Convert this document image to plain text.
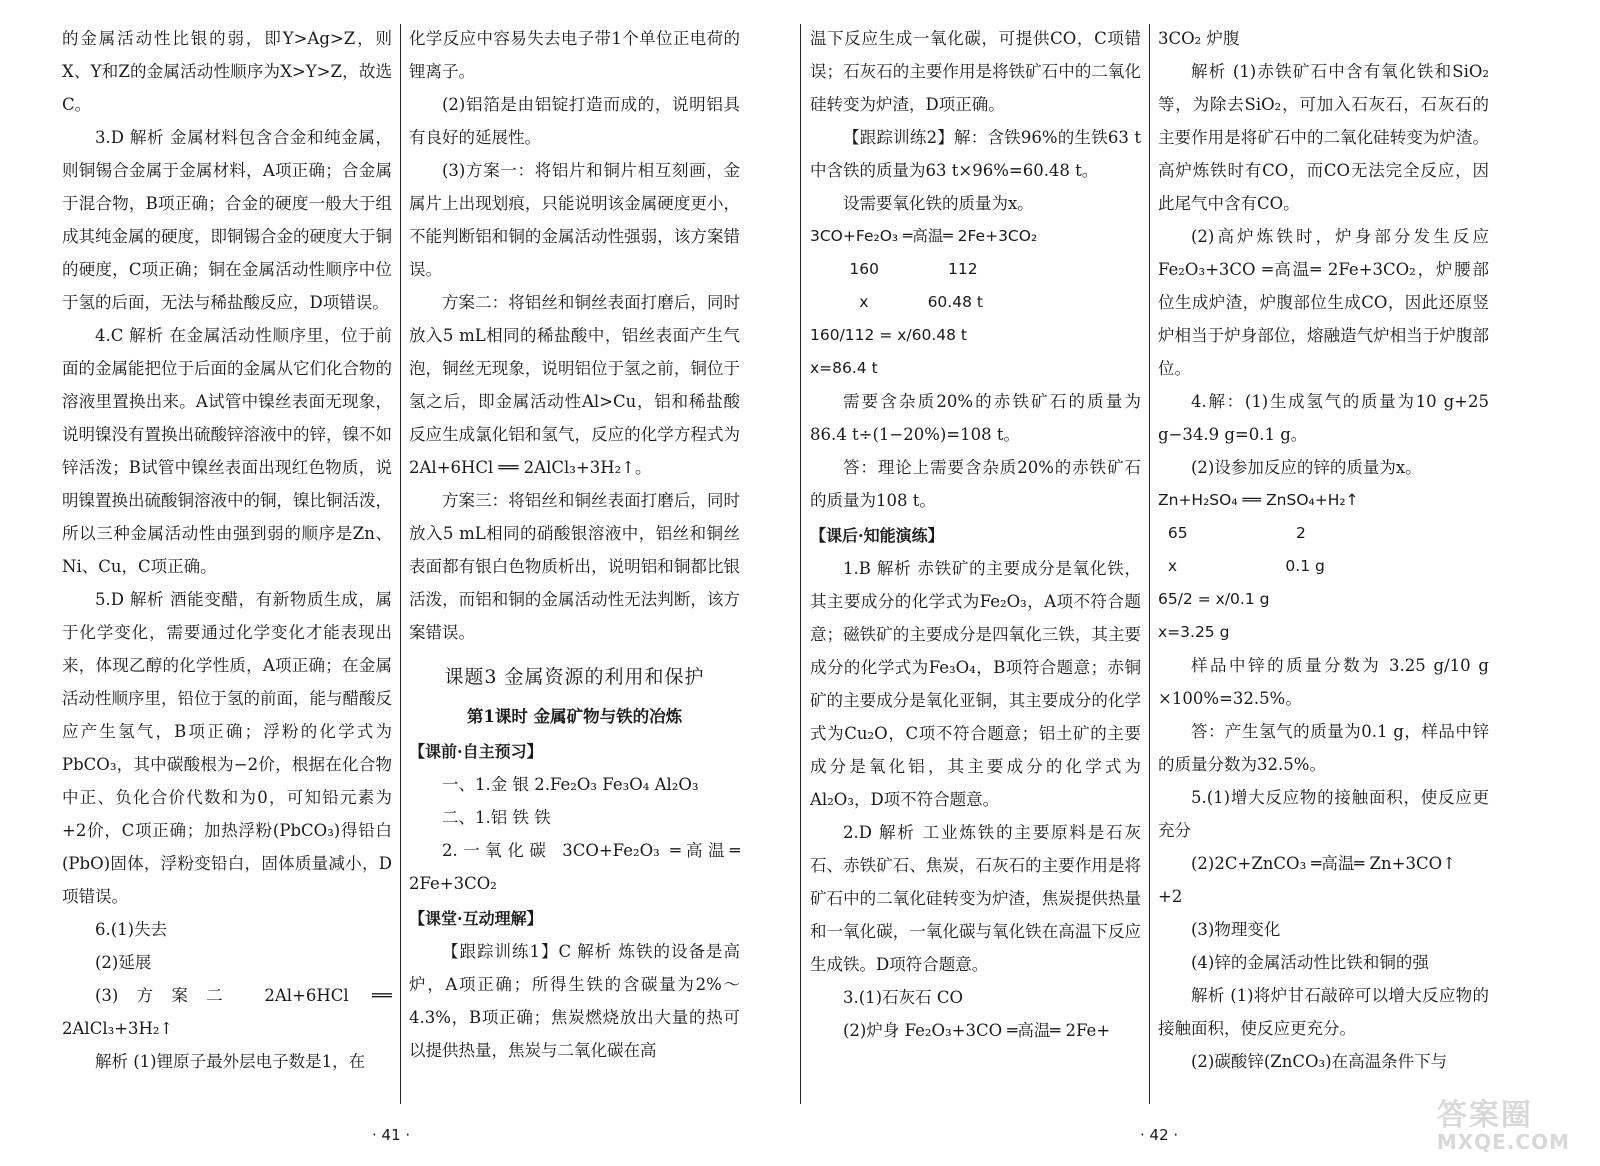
的金属活动性比银的弱，即Y>Ag>Z，则X、Y和Z的金属活动性顺序为X>Y>Z，故选C。

3.D 解析 金属材料包含合金和纯金属，则铜锡合金属于金属材料，A项正确；合金属于混合物，B项正确；合金的硬度一般大于组成其纯金属的硬度，即铜锡合金的硬度大于铜的硬度，C项正确；铜在金属活动性顺序中位于氢的后面，无法与稀盐酸反应，D项错误。

4.C 解析 在金属活动性顺序里，位于前面的金属能把位于后面的金属从它们化合物的溶液里置换出来。A试管中镍丝表面无现象，说明镍没有置换出硫酸锌溶液中的锌，镍不如锌活泼；B试管中镍丝表面出现红色物质，说明镍置换出硫酸铜溶液中的铜，镍比铜活泼，所以三种金属活动性由强到弱的顺序是Zn、Ni、Cu，C项正确。

5.D 解析 酒能变醋，有新物质生成，属于化学变化，需要通过化学变化才能表现出来，体现乙醇的化学性质，A项正确；在金属活动性顺序里，铅位于氢的前面，能与醋酸反应产生氢气，B项正确；浮粉的化学式为PbCO₃，其中碳酸根为−2价，根据在化合物中正、负化合价代数和为0，可知铅元素为+2价，C项正确；加热浮粉(PbCO₃)得铅白(PbO)固体，浮粉变铅白，固体质量减小，D项错误。

6.(1)失去

(2)延展

(3)方案二 2Al+6HCl ══ 2AlCl₃+3H₂↑

解析 (1)锂原子最外层电子数是1，在

化学反应中容易失去电子带1个单位正电荷的锂离子。

(2)铝箔是由铝锭打造而成的，说明铝具有良好的延展性。

(3)方案一：将铝片和铜片相互刻画，金属片上出现划痕，只能说明该金属硬度更小，不能判断铝和铜的金属活动性强弱，该方案错误。

方案二：将铝丝和铜丝表面打磨后，同时放入5 mL相同的稀盐酸中，铝丝表面产生气泡，铜丝无现象，说明铝位于氢之前，铜位于氢之后，即金属活动性Al>Cu，铝和稀盐酸反应生成氯化铝和氢气，反应的化学方程式为2Al+6HCl ══ 2AlCl₃+3H₂↑。

方案三：将铝丝和铜丝表面打磨后，同时放入5 mL相同的硝酸银溶液中，铝丝和铜丝表面都有银白色物质析出，说明铝和铜都比银活泼，而铝和铜的金属活动性无法判断，该方案错误。

课题3 金属资源的利用和保护

第1课时 金属矿物与铁的冶炼

【课前·自主预习】

一、1.金 银 2.Fe₂O₃ Fe₃O₄ Al₂O₃

二、1.铝 铁 铁

2.一氧化碳 3CO+Fe₂O₃ ═高温═ 2Fe+3CO₂

【课堂·互动理解】

【跟踪训练1】C 解析 炼铁的设备是高炉，A项正确；所得生铁的含碳量为2%～4.3%，B项正确；焦炭燃烧放出大量的热可以提供热量，焦炭与二氧化碳在高

温下反应生成一氧化碳，可提供CO，C项错误；石灰石的主要作用是将铁矿石中的二氧化硅转变为炉渣，D项正确。

【跟踪训练2】解：含铁96%的生铁63 t中含铁的质量为63 t×96%=60.48 t。

设需要氧化铁的质量为x。

3CO+Fe₂O₃ ═高温═ 2Fe+3CO₂

160              112

x            60.48 t

160/112 = x/60.48 t

x=86.4 t

需要含杂质20%的赤铁矿石的质量为86.4 t÷(1−20%)=108 t。

答：理论上需要含杂质20%的赤铁矿石的质量为108 t。

【课后·知能演练】

1.B 解析 赤铁矿的主要成分是氧化铁，其主要成分的化学式为Fe₂O₃，A项不符合题意；磁铁矿的主要成分是四氧化三铁，其主要成分的化学式为Fe₃O₄，B项符合题意；赤铜矿的主要成分是氧化亚铜，其主要成分的化学式为Cu₂O，C项不符合题意；铝土矿的主要成分是氧化铝，其主要成分的化学式为Al₂O₃，D项不符合题意。

2.D 解析 工业炼铁的主要原料是石灰石、赤铁矿石、焦炭，石灰石的主要作用是将矿石中的二氧化硅转变为炉渣，焦炭提供热量和一氧化碳，一氧化碳与氧化铁在高温下反应生成铁。D项符合题意。

3.(1)石灰石 CO

(2)炉身 Fe₂O₃+3CO ═高温═ 2Fe+

3CO₂ 炉腹

解析 (1)赤铁矿石中含有氧化铁和SiO₂等，为除去SiO₂，可加入石灰石，石灰石的主要作用是将矿石中的二氧化硅转变为炉渣。高炉炼铁时有CO，而CO无法完全反应，因此尾气中含有CO。

(2)高炉炼铁时，炉身部分发生反应Fe₂O₃+3CO ═高温═ 2Fe+3CO₂，炉腰部位生成炉渣，炉腹部位生成CO，因此还原竖炉相当于炉身部位，熔融造气炉相当于炉腹部位。

4.解：(1)生成氢气的质量为10 g+25 g−34.9 g=0.1 g。

(2)设参加反应的锌的质量为x。

Zn+H₂SO₄ ══ ZnSO₄+H₂↑

65                      2

x                      0.1 g

65/2 = x/0.1 g

x=3.25 g

样品中锌的质量分数为 3.25 g/10 g ×100%=32.5%。

答：产生氢气的质量为0.1 g，样品中锌的质量分数为32.5%。

5.(1)增大反应物的接触面积，使反应更充分

(2)2C+ZnCO₃ ═高温═ Zn+3CO↑

+2

(3)物理变化

(4)锌的金属活动性比铁和铜的强

解析 (1)将炉甘石敲碎可以增大反应物的接触面积，使反应更充分。

(2)碳酸锌(ZnCO₃)在高温条件下与

· 41 ·	· 42 ·
答案圈
MXQE.COM
